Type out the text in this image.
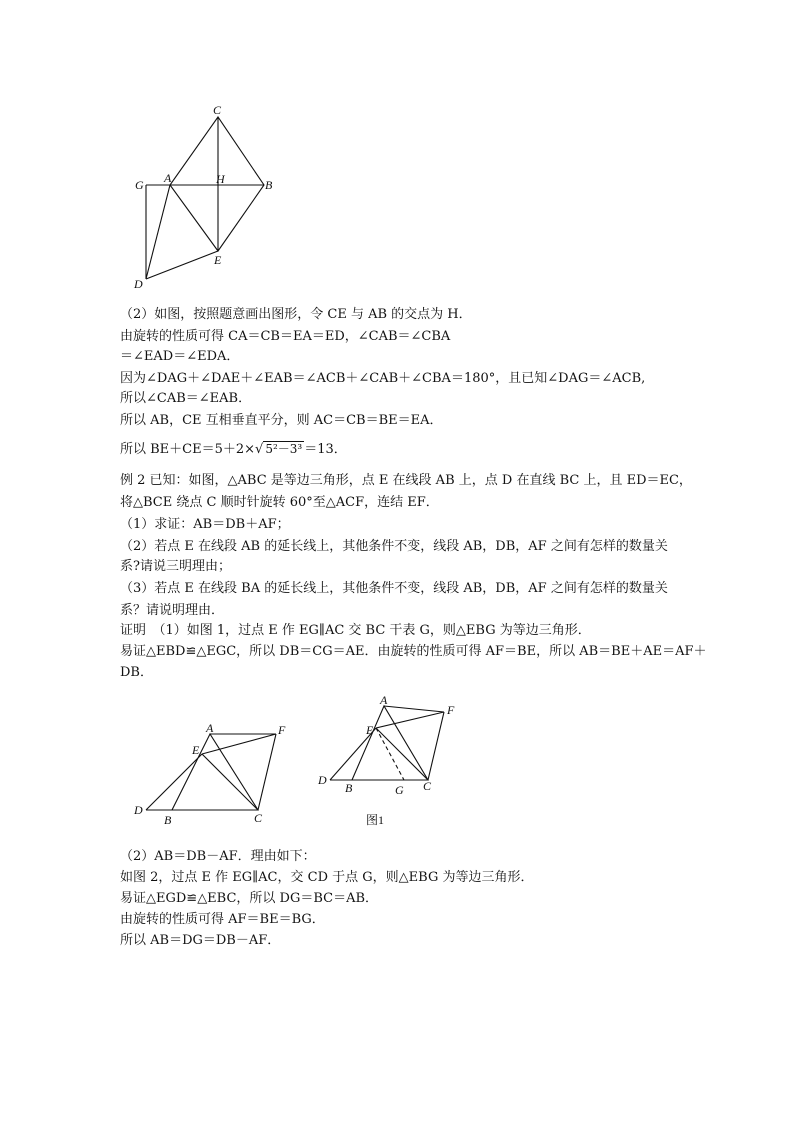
C
G A	H	B
D
E
（2）如图，按照题意画出图形，令 CE 与 AB 的交点为 H．
由旋转的性质可得 CA＝CB＝EA＝ED，∠CAB＝∠CBA
＝∠EAD＝∠EDA．
因为∠DAG＋∠DAE＋∠EAB＝∠ACB＋∠CAB＋∠CBA＝180°，且已知∠DAG＝∠ACB,
所以∠CAB＝∠EAB．
所以 AB，CE 互相垂直平分，则 AC＝CB＝BE＝EA．
所以 BE＋CE＝5＋2×√ 5²－3³ ＝13．
例 2 已知：如图，△ABC 是等边三角形，点 E 在线段 AB 上，点 D 在直线 BC 上，且 ED＝EC，
将△BCE 绕点 C 顺时针旋转 60°至△ACF，连结 EF．
（1）求证：AB＝DB＋AF；
（2）若点 E 在线段 AB 的延长线上，其他条件不变，线段 AB，DB，AF 之间有怎样的数量关
系?请说三明理由；
（3）若点 E 在线段 BA 的延长线上，其他条件不变，线段 AB，DB，AF 之间有怎样的数量关
系？请说明理由．
证明　（1）如图 1，过点 E 作 EG∥AC 交 BC 干表 G，则△EBG 为等边三角形．
易证△EBD≌△EGC，所以 DB＝CG＝AE．由旋转的性质可得 AF＝BE，所以 AB＝BE＋AE＝AF＋
DB．
A	F
E
D
B	C
A
F
E
D
B	G C
图1
（2）AB＝DB－AF．理由如下：
如图 2，过点 E 作 EG∥AC，交 CD 于点 G，则△EBG 为等边三角形．
易证△EGD≌△EBC，所以 DG＝BC＝AB．
由旋转的性质可得 AF＝BE＝BG．
所以 AB＝DG＝DB－AF．
